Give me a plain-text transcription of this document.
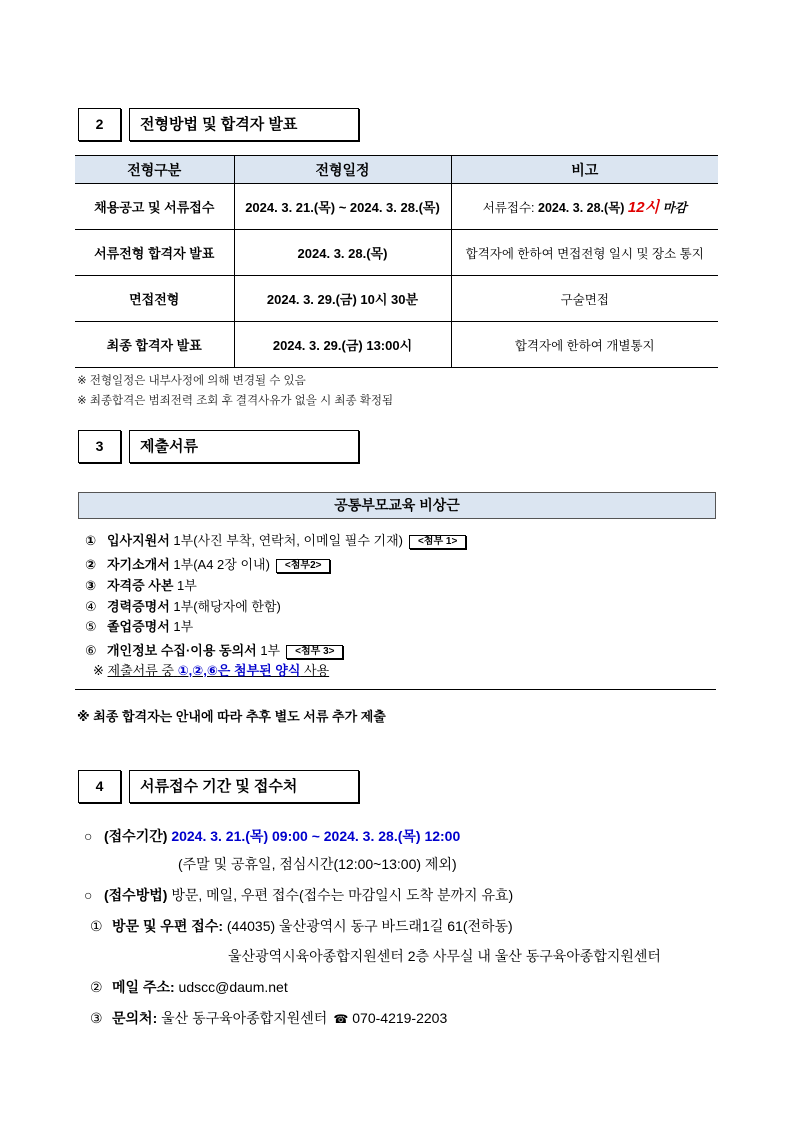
2	전형방법 및 합격자 발표
전형구분	전형일정	비고
채용공고 및 서류접수	2024. 3. 21.(목) ~ 2024. 3. 28.(목)	서류접수: 2024. 3. 28.(목) 12시 마감
서류전형 합격자 발표	2024. 3. 28.(목)	합격자에 한하여 면접전형 일시 및 장소 통지
면접전형	2024. 3. 29.(금) 10시 30분	구술면접
최종 합격자 발표	2024. 3. 29.(금) 13:00시	합격자에 한하여 개별통지
※ 전형일정은 내부사정에 의해 변경될 수 있음
※ 최종합격은 범죄전력 조회 후 결격사유가 없을 시 최종 확정됨
3	제출서류
공통부모교육 비상근
① 입사지원서 1부(사진 부착, 연락처, 이메일 필수 기재) <첨부 1>
② 자기소개서 1부(A4 2장 이내) <첨부2>
③ 자격증 사본 1부
④ 경력증명서 1부(해당자에 한함)
⑤ 졸업증명서 1부
⑥ 개인정보 수집·이용 동의서 1부 <첨부 3>
※ 제출서류 중 ①,②,⑥은 첨부된 양식 사용
※ 최종 합격자는 안내에 따라 추후 별도 서류 추가 제출
4	서류접수 기간 및 접수처
○ (접수기간) 2024. 3. 21.(목) 09:00 ~ 2024. 3. 28.(목) 12:00
(주말 및 공휴일, 점심시간(12:00~13:00) 제외)
○ (접수방법) 방문, 메일, 우편 접수(접수는 마감일시 도착 분까지 유효)
① 방문 및 우편 접수: (44035) 울산광역시 동구 바드래1길 61(전하동)
울산광역시육아종합지원센터 2층 사무실 내 울산 동구육아종합지원센터
② 메일 주소: udscc@daum.net
③ 문의처: 울산 동구육아종합지원센터 ☎ 070-4219-2203
